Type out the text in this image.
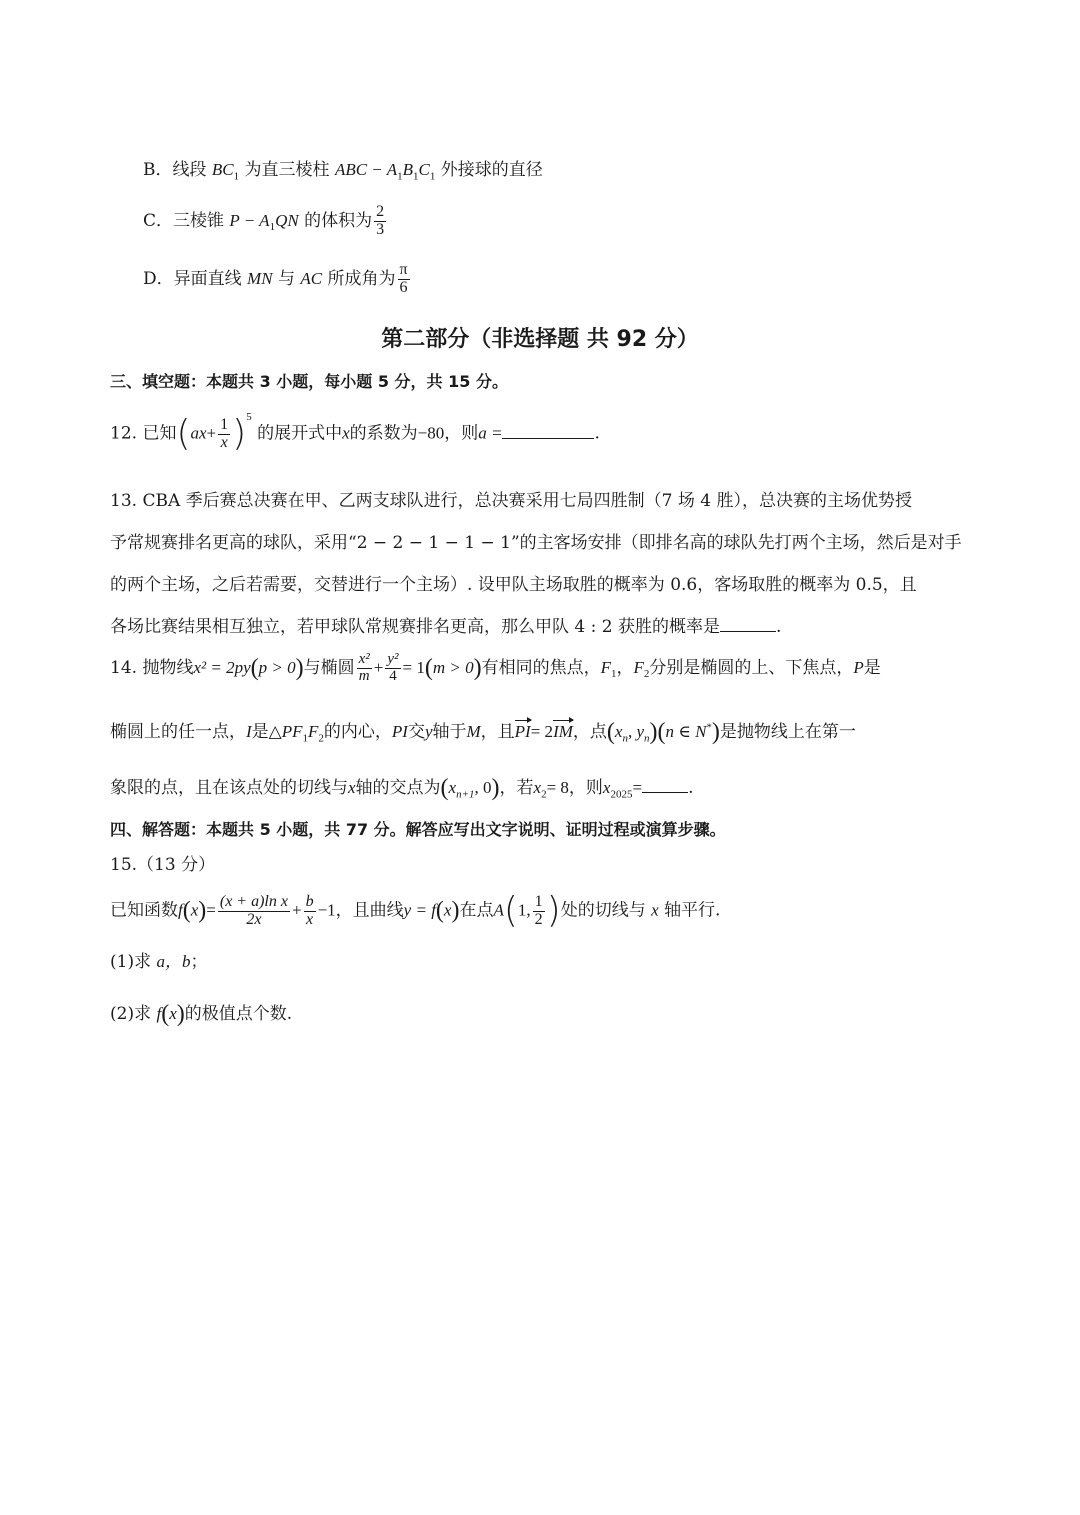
B．线段 $BC_1$ 为直三棱柱 ABC − $A_1B_1C_1$ 外接球的直径
C．三棱锥 $P - A_1QN$ 的体积为 $\frac{2}{3}$
D．异面直线 MN 与 AC 所成角为 $\frac{\pi}{6}$
第二部分（非选择题 共 92 分）
三、填空题：本题共 3 小题，每小题 5 分，共 15 分。
12. 已知$(ax+ \frac{1}{x} )^5$ 的展开式中x的系数为−80，则a =	.
13. CBA 季后赛总决赛在甲、乙两支球队进行，总决赛采用七局四胜制（7 场 4 胜），总决赛的主场优势授
予常规赛排名更高的球队，采用“2 − 2 − 1 − 1 − 1”的主客场安排（即排名高的球队先打两个主场，然后是对手
的两个主场，之后若需要，交替进行一个主场）. 设甲队主场取胜的概率为 0.6，客场取胜的概率为 0.5，且
各场比赛结果相互独立，若甲球队常规赛排名更高，那么甲队 4 : 2 获胜的概率是	.
14. 抛物线x² = 2py(p > 0)与椭圆 $\frac{\text{x²}}{m} + \frac{\text{y²}}{4} = 1(m > 0)$有相同的焦点，$F_1$，$F_2$分别是椭圆的上、下焦点，P是
椭圆上的任一点，I是$\triangle PF_1F_2$的内心，PI交y轴于M，且PI= 2IM，点($x_n$, $y_n)(n$ ∈ N*)是抛物线上在第一
象限的点，且在该点处的切线与x轴的交点为($x_{n+1}$, 0)，若$x_2= 8$，则$x_{2025}=$	.
四、解答题：本题共 5 小题，共 77 分。解答应写出文字说明、证明过程或演算步骤。
15.（13 分）
已知函数$f(x)= \frac{\text{(x + a)ln x}}{2x} + \frac{b}{x} -1$，且曲线y = f(x)在点A(1, $\frac{1}{2}$ )处的切线与 x 轴平行.
(1)求 a，b；
(2)求 f(x)的极值点个数.
